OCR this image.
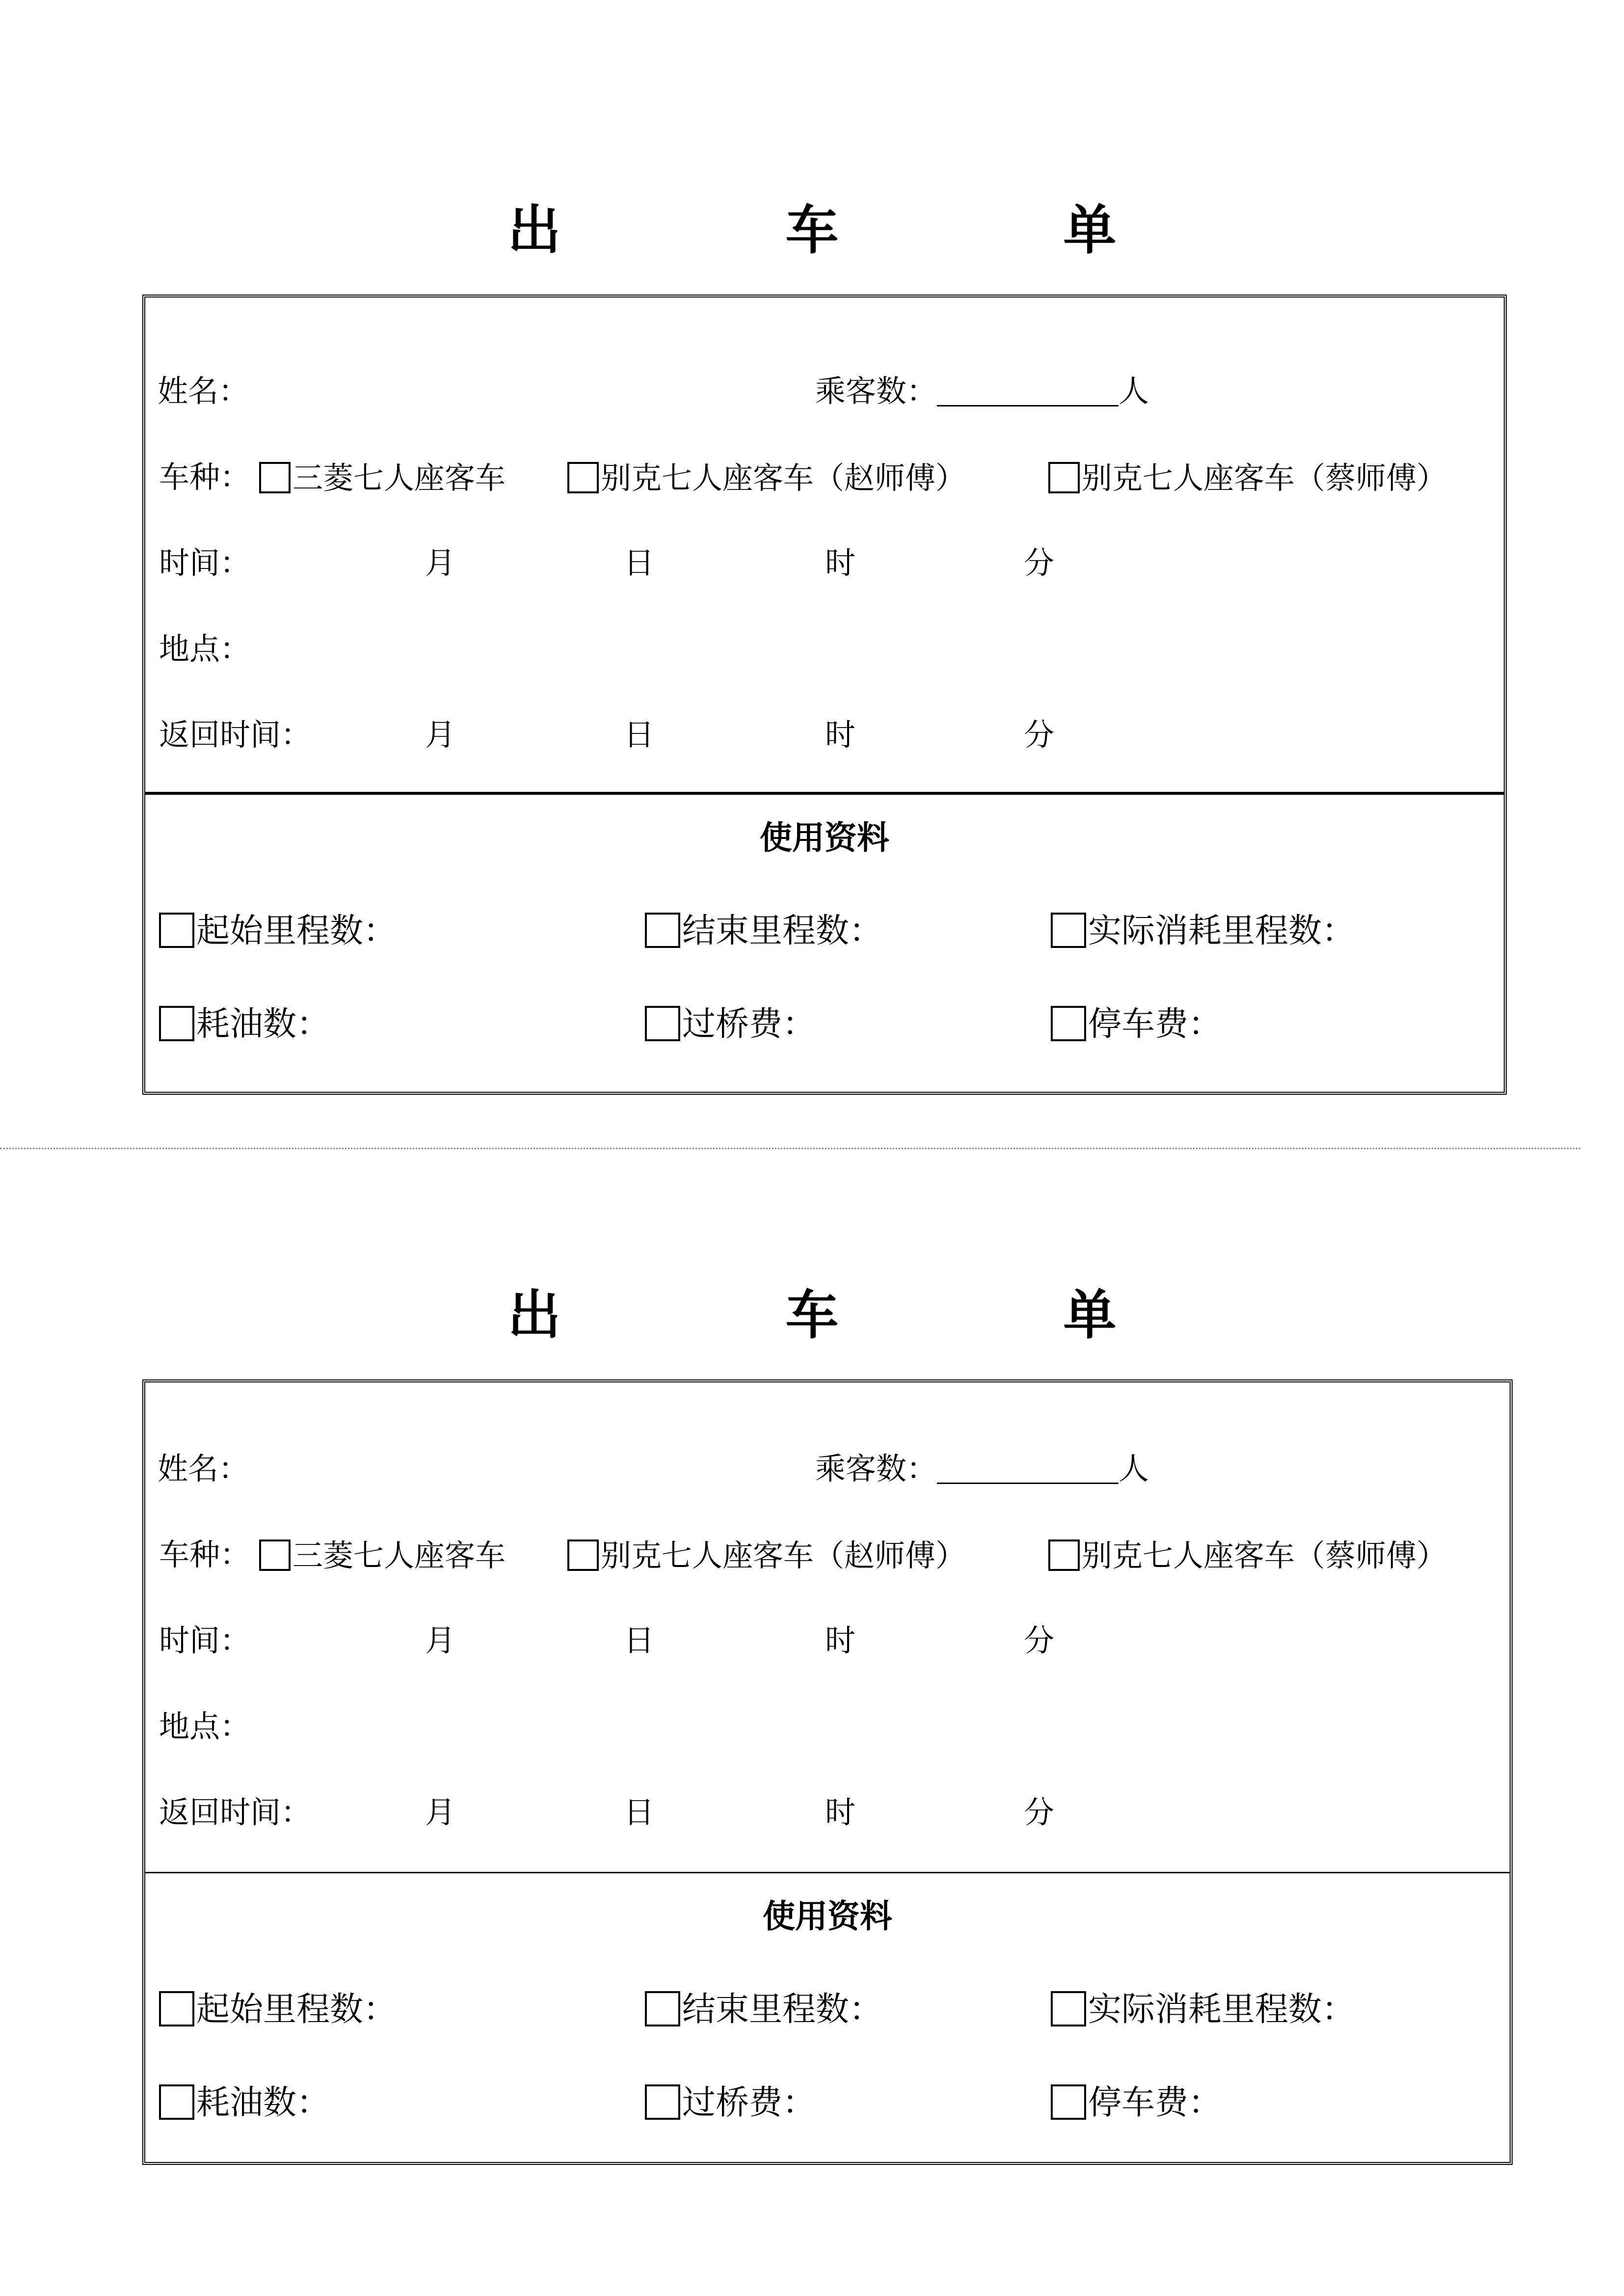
出　车　单
姓名：	乘客数：	人
车种：	三菱七人座客车	别克七人座客车（赵师傅）	别克七人座客车（蔡师傅）
时间：	月	日	时	分
地点：
返回时间：	月	日	时	分
使用资料
起始里程数：	结束里程数：	实际消耗里程数：
耗油数：	过桥费：	停车费：
出　车　单
姓名：	乘客数：	人
车种：	三菱七人座客车	别克七人座客车（赵师傅）	别克七人座客车（蔡师傅）
时间：	月	日	时	分
地点：
返回时间：	月	日	时	分
使用资料
起始里程数：	结束里程数：	实际消耗里程数：
耗油数：	过桥费：	停车费：
